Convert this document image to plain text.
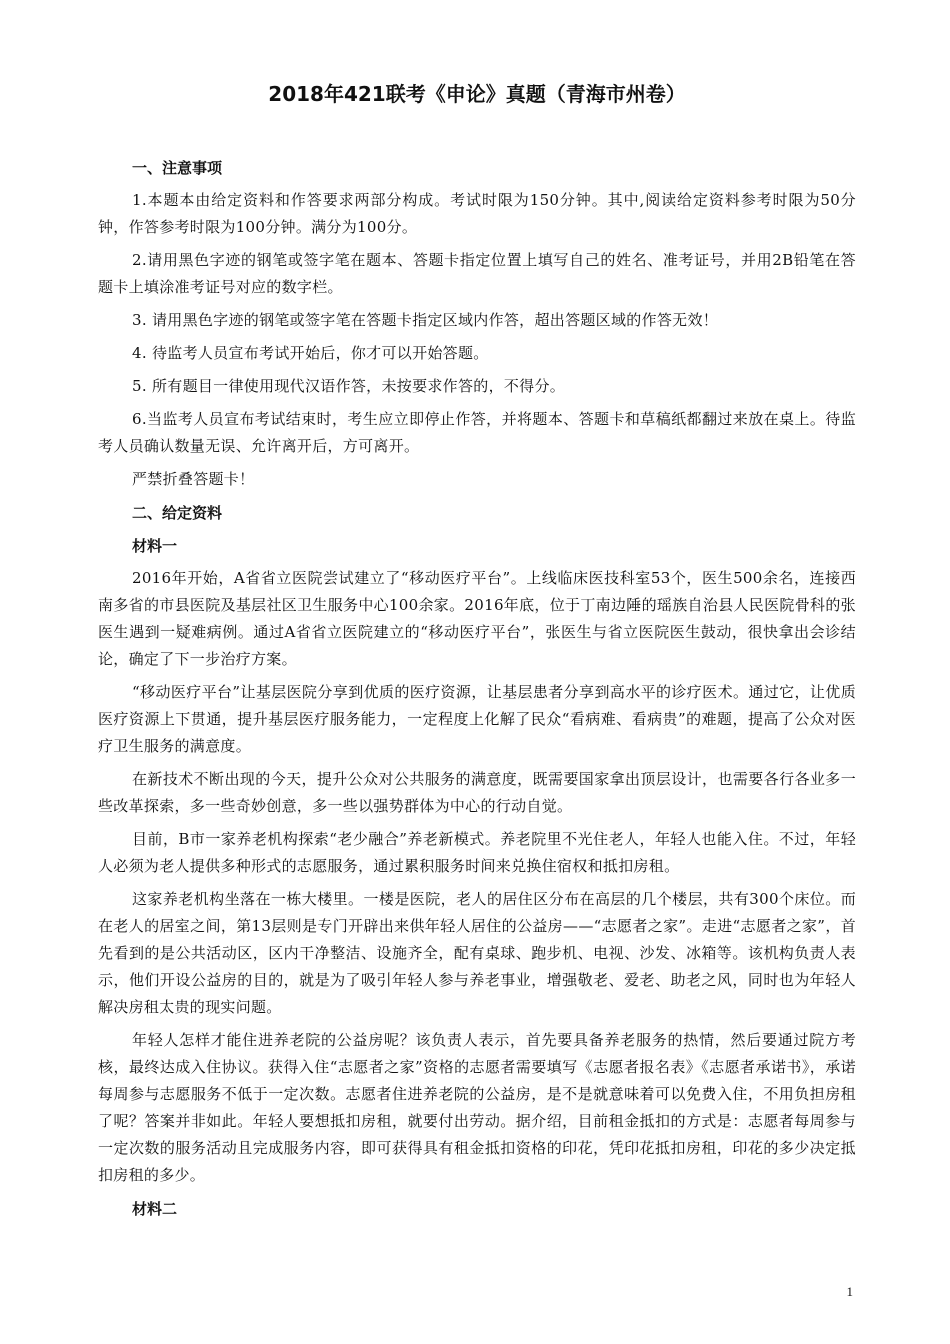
2018年421联考《申论》真题（青海市州卷）
一、注意事项

1.本题本由给定资料和作答要求两部分构成。考试时限为150分钟。其中,阅读给定资料参考时限为50分钟，作答参考时限为100分钟。满分为100分。

2.请用黑色字迹的钢笔或签字笔在题本、答题卡指定位置上填写自己的姓名、准考证号，并用2B铅笔在答题卡上填涂准考证号对应的数字栏。

3. 请用黑色字迹的钢笔或签字笔在答题卡指定区域内作答，超出答题区域的作答无效！

4. 待监考人员宣布考试开始后，你才可以开始答题。

5. 所有题目一律使用现代汉语作答，未按要求作答的，不得分。

6.当监考人员宣布考试结束时，考生应立即停止作答，并将题本、答题卡和草稿纸都翻过来放在桌上。待监考人员确认数量无误、允许离开后，方可离开。

严禁折叠答题卡！

二、给定资料
材料一

2016年开始，A省省立医院尝试建立了“移动医疗平台”。上线临床医技科室53个，医生500余名，连接西南多省的市县医院及基层社区卫生服务中心100余家。2016年底，位于丁南边陲的瑶族自治县人民医院骨科的张医生遇到一疑难病例。通过A省省立医院建立的“移动医疗平台”，张医生与省立医院医生鼓动，很快拿出会诊结论，确定了下一步治疗方案。

“移动医疗平台”让基层医院分享到优质的医疗资源，让基层患者分享到高水平的诊疗医术。通过它，让优质医疗资源上下贯通，提升基层医疗服务能力，一定程度上化解了民众“看病难、看病贵”的难题，提高了公众对医疗卫生服务的满意度。

在新技术不断出现的今天，提升公众对公共服务的满意度，既需要国家拿出顶层设计，也需要各行各业多一些改革探索，多一些奇妙创意，多一些以强势群体为中心的行动自觉。

目前，B市一家养老机构探索“老少融合”养老新模式。养老院里不光住老人，年轻人也能入住。不过，年轻人必须为老人提供多种形式的志愿服务，通过累积服务时间来兑换住宿权和抵扣房租。

这家养老机构坐落在一栋大楼里。一楼是医院，老人的居住区分布在高层的几个楼层，共有300个床位。而在老人的居室之间，第13层则是专门开辟出来供年轻人居住的公益房——“志愿者之家”。走进“志愿者之家”，首先看到的是公共活动区，区内干净整洁、设施齐全，配有桌球、跑步机、电视、沙发、冰箱等。该机构负责人表示，他们开设公益房的目的，就是为了吸引年轻人参与养老事业，增强敬老、爱老、助老之风，同时也为年轻人解决房租太贵的现实问题。

年轻人怎样才能住进养老院的公益房呢？该负责人表示，首先要具备养老服务的热情，然后要通过院方考核，最终达成入住协议。获得入住“志愿者之家”资格的志愿者需要填写《志愿者报名表》《志愿者承诺书》，承诺每周参与志愿服务不低于一定次数。志愿者住进养老院的公益房，是不是就意味着可以免费入住，不用负担房租了呢？答案并非如此。年轻人要想抵扣房租，就要付出劳动。据介绍，目前租金抵扣的方式是：志愿者每周参与一定次数的服务活动且完成服务内容，即可获得具有租金抵扣资格的印花，凭印花抵扣房租，印花的多少决定抵扣房租的多少。

材料二
1
